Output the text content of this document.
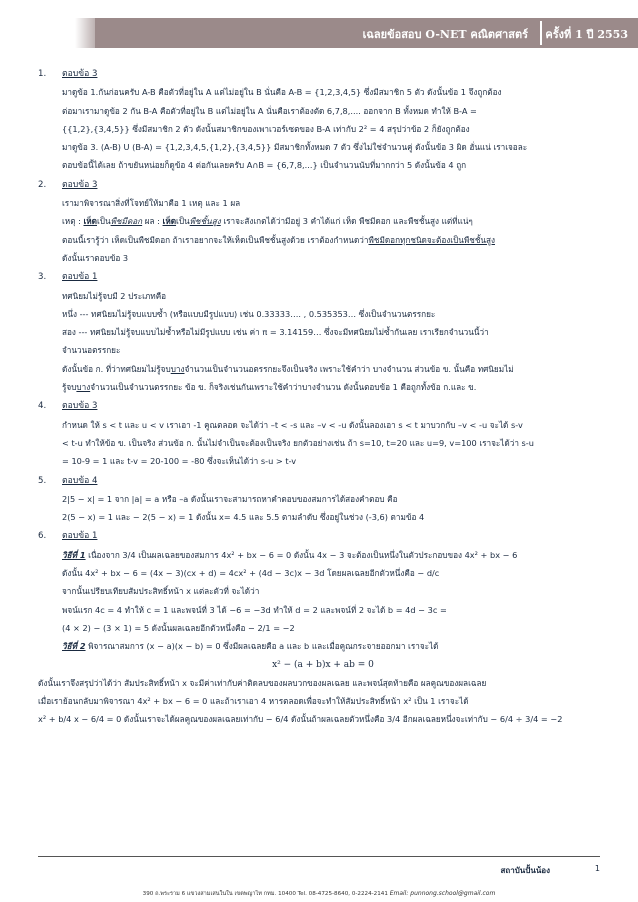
เฉลยข้อสอบ O-NET คณิตศาสตร์ ครั้งที่ 1 ปี 2553
1. ตอบข้อ 3
มาดูข้อ 1.กันก่อนครับ A-B คือตัวที่อยู่ใน A แต่ไม่อยู่ใน B นั่นคือ A-B = {1,2,3,4,5} ซึ่งมีสมาชิก 5 ตัว ดังนั้นข้อ 1 จึงถูกต้อง
ต่อมาเรามาดูข้อ 2 กัน B-A คือตัวที่อยู่ใน B แต่ไม่อยู่ใน A นั่นคือเราต้องตัด 6,7,8,.... ออกจาก B ทั้งหมด ทำให้ B-A =
{{1,2},{3,4,5}} ซึ่งมีสมาชิก 2 ตัว ดังนั้นสมาชิกของเพาเวอร์เซตของ B-A เท่ากับ 2² = 4 สรุปว่าข้อ 2 ก็ยังถูกต้อง
มาดูข้อ 3. (A-B) U (B-A) = {1,2,3,4,5,{1,2},{3,4,5}} มีสมาชิกทั้งหมด 7 ตัว ซึ่งไม่ใช่จำนวนคู่ ดังนั้นข้อ 3 ผิด ฮั่นแน่ เราเจอละ
ตอบข้อนี้ได้เลย ถ้าขยันหน่อยก็ดูข้อ 4 ต่อกันเลยครับ A∩B = {6,7,8,...} เป็นจำนวนนับที่มากกว่า 5 ดังนั้นข้อ 4 ถูก
2. ตอบข้อ 3
เรามาพิจารณาสิ่งที่โจทย์ให้มาคือ 1 เหตุ และ 1 ผล
เหตุ : เห็ดเป็นพืชมีดอก ผล : เห็ดเป็นพืชชั้นสูง เราจะสังเกตได้ว่ามีอยู่ 3 คำได้แก่ เห็ด พืชมีดอก และพืชชั้นสูง แต่ที่แน่ๆ
ตอนนี้เรารู้ว่า เห็ดเป็นพืชมีดอก ถ้าเราอยากจะให้เห็ดเป็นพืชชั้นสูงด้วย เราต้องกำหนดว่าพืชมีดอกทุกชนิดจะต้องเป็นพืชชั้นสูง
ดังนั้นเราตอบข้อ 3
3. ตอบข้อ 1
ทศนิยมไม่รู้จบมี 2 ประเภทคือ
หนึ่ง --- ทศนิยมไม่รู้จบแบบซ้ำ (หรือแบบมีรูปแบบ) เช่น 0.33333…. , 0.535353… ซึ่งเป็นจำนวนตรรกยะ
สอง --- ทศนิยมไม่รู้จบแบบไม่ซ้ำหรือไม่มีรูปแบบ เช่น ค่า π = 3.14159… ซึ่งจะมีทศนิยมไม่ซ้ำกันเลย เราเรียกจำนวนนี้ว่า
จำนวนอตรรกยะ
ดังนั้นข้อ ก. ที่ว่าทศนิยมไม่รู้จบบางจำนวนเป็นจำนวนอตรรกยะจึงเป็นจริง เพราะใช้คำว่า บางจำนวน ส่วนข้อ ข. นั้นคือ ทศนิยมไม่
รู้จบบางจำนวนเป็นจำนวนตรรกยะ ข้อ ข. ก็จริงเช่นกันเพราะใช้คำว่าบางจำนวน ดังนั้นตอบข้อ 1 คือถูกทั้งข้อ ก.และ ข.
4. ตอบข้อ 3
กำหนด ให้ s < t และ u < v เราเอา -1 คูณตลอด จะได้ว่า –t < -s และ –v < -u ดังนั้นลองเอา s < t มาบวกกับ –v < -u จะได้ s-v
< t-u ทำให้ข้อ ข. เป็นจริง ส่วนข้อ ก. นั้นไม่จำเป็นจะต้องเป็นจริง ยกตัวอย่างเช่น ถ้า s=10, t=20 และ u=9, v=100 เราจะได้ว่า s-u
= 10-9 = 1 และ t-v = 20-100 = -80 ซึ่งจะเห็นได้ว่า s-u > t-v
5. ตอบข้อ 4
2|5 − x| = 1 จาก |a| = a หรือ –a ดังนั้นเราจะสามารถหาคำตอบของสมการได้สองคำตอบ คือ
2(5 − x) = 1 และ − 2(5 − x) = 1 ดังนั้น x= 4.5 และ 5.5 ตามลำดับ ซึ่งอยู่ในช่วง (-3,6) ตามข้อ 4
6. ตอบข้อ 1
วิธีที่ 1 เนื่องจาก 3/4 เป็นผลเฉลยของสมการ 4x² + bx − 6 = 0 ดังนั้น 4x − 3 จะต้องเป็นหนึ่งในตัวประกอบของ 4x² + bx − 6
ดังนั้น 4x² + bx − 6 = (4x − 3)(cx + d) = 4cx² + (4d − 3c)x − 3d โดยผลเฉลยอีกตัวหนึ่งคือ − d/c
จากนั้นเปรียบเทียบสัมประสิทธิ์หน้า x แต่ละตัวที่ จะได้ว่า
พจน์แรก 4c = 4 ทำให้ c = 1 และพจน์ที่ 3 ได้ −6 = −3d ทำให้ d = 2 และพจน์ที่ 2 จะได้ b = 4d − 3c =
(4 × 2) − (3 × 1) = 5 ดังนั้นผลเฉลยอีกตัวหนึ่งคือ − 2/1 = −2
วิธีที่ 2 พิจารณาสมการ (x − a)(x − b) = 0 ซึ่งมีผลเฉลยคือ a และ b และเมื่อคูณกระจายออกมา เราจะได้
x² − (a + b)x + ab = 0
ดังนั้นเราจึงสรุปว่าได้ว่า สัมประสิทธิ์หน้า x จะมีค่าเท่ากับค่าติดลบของผลบวกของผลเฉลย และพจน์สุดท้ายคือ ผลคูณของผลเฉลย
เมื่อเราย้อนกลับมาพิจารณา 4x² + bx − 6 = 0 และถ้าเราเอา 4 หารตลอดเพื่อจะทำให้สัมประสิทธิ์หน้า x² เป็น 1 เราจะได้
x² + b/4 x − 6/4 = 0 ดังนั้นเราจะได้ผลคูณของผลเฉลยเท่ากับ − 6/4 ดังนั้นถ้าผลเฉลยตัวหนึ่งคือ 3/4 อีกผลเฉลยหนึ่งจะเท่ากับ − 6/4 ÷ 3/4 = −2
สถาบันปั้นน้อง	1
390 ถ.พระราม 6 แขวงสามเสนในใน เขตพญาไท กทม. 10400 Tel. 08-4725-8640, 0-2224-2141 Email: punnong.school@gmail.com
